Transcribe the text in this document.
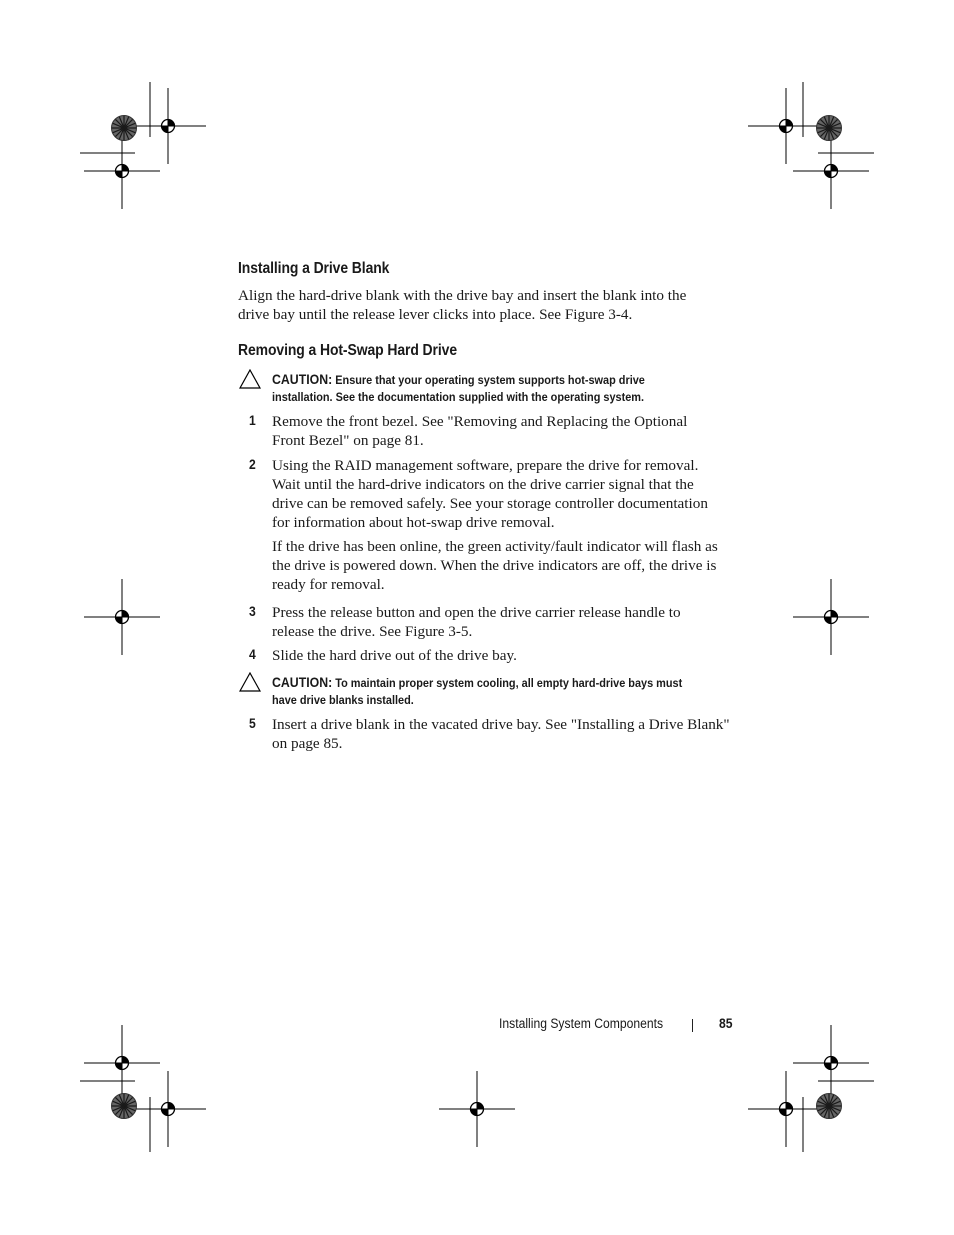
Installing a Drive Blank
Align the hard-drive blank with the drive bay and insert the blank into the
drive bay until the release lever clicks into place. See Figure 3-4.
Removing a Hot-Swap Hard Drive
CAUTION: Ensure that your operating system supports hot-swap drive
installation. See the documentation supplied with the operating system.
1 Remove the front bezel. See "Removing and Replacing the Optional
Front Bezel" on page 81.
2 Using the RAID management software, prepare the drive for removal.
Wait until the hard-drive indicators on the drive carrier signal that the
drive can be removed safely. See your storage controller documentation
for information about hot-swap drive removal.
If the drive has been online, the green activity/fault indicator will flash as
the drive is powered down. When the drive indicators are off, the drive is
ready for removal.
3 Press the release button and open the drive carrier release handle to
release the drive. See Figure 3-5.
4 Slide the hard drive out of the drive bay.
CAUTION: To maintain proper system cooling, all empty hard-drive bays must
have drive blanks installed.
5 Insert a drive blank in the vacated drive bay. See "Installing a Drive Blank"
on page 85.
Installing System Components	85
